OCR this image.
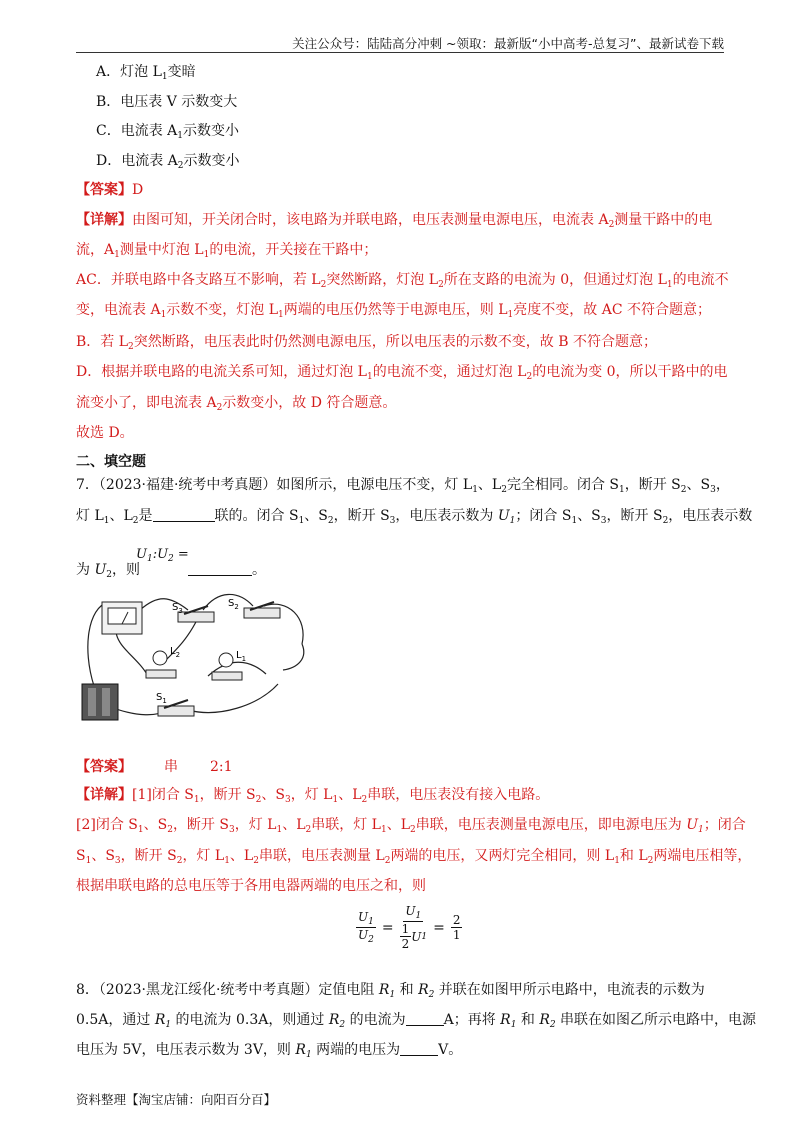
关注公众号：陆陆高分冲刺 ~领取：最新版“小中高考-总复习”、最新试卷下载
A．灯泡 $L_1$变暗
B．电压表 V 示数变大
C．电流表 $A_1$示数变小
D．电流表 $A_2$示数变小
【答案】D
【详解】由图可知，开关闭合时，该电路为并联电路，电压表测量电源电压，电流表 $A_2$测量干路中的电
流，$A_1$测量中灯泡 $L_1$的电流，开关接在干路中；
AC．并联电路中各支路互不影响，若 $L_2$突然断路，灯泡 $L_2$所在支路的电流为 0，但通过灯泡 $L_1$的电流不
变，电流表 $A_1$示数不变，灯泡 $L_1$两端的电压仍然等于电源电压，则 $L_1$亮度不变，故 AC 不符合题意；
B．若 $L_2$突然断路，电压表此时仍然测电源电压，所以电压表的示数不变，故 B 不符合题意；
D．根据并联电路的电流关系可知，通过灯泡 $L_1$的电流不变，通过灯泡 $L_2$的电流为变 0，所以干路中的电
流变小了，即电流表 $A_2$示数变小，故 D 符合题意。
故选 D。
二、填空题
7．（2023·福建·统考中考真题）如图所示，电源电压不变，灯 $L_1$、$L_2$完全相同。闭合 $S_1$，断开 $S_2$、$S_3$，
灯 $L_1$、$L_2$是	联的。闭合 $S_1$、$S_2$，断开 $S_3$，电压表示数为 $U_1$；闭合 $S_1$、$S_3$，断开 $S_2$，电压表示数
为 $U_2$，则
$U_1:U_2$ =
。
$S_3$
$S_2$
$L_2$	$L_1$
$S_1$
【答案】 串 2:1
【详解】[1]闭合 $S_1$，断开 $S_2$、$S_3$，灯 $L_1$、$L_2$串联，电压表没有接入电路。
[2]闭合 $S_1$、$S_2$，断开 $S_3$，灯 $L_1$、$L_2$串联，灯 $L_1$、$L_2$串联，电压表测量电源电压，即电源电压为 $U_1$；闭合
$S_1$、$S_3$，断开 $S_2$，灯 $L_1$、$L_2$串联，电压表测量 $L_2$两端的电压，又两灯完全相同，则 $L_1$和 $L_2$两端电压相等，
根据串联电路的总电压等于各用电器两端的电压之和，则
$\frac{U_1}{U_2} = \frac{U_1}{\frac{1}{2} U 1} = \frac{2}{1}$
8．（2023·黑龙江绥化·统考中考真题）定值电阻 $R_1$ 和 $R_2$ 并联在如图甲所示电路中，电流表的示数为
0.5A，通过 $R_1$ 的电流为 0.3A，则通过 $R_2$ 的电流为	A；再将 $R_1$ 和 $R_2$ 串联在如图乙所示电路中，电源
电压为 5V，电压表示数为 3V，则 $R_1$ 两端的电压为	V。
资料整理【淘宝店铺：向阳百分百】
